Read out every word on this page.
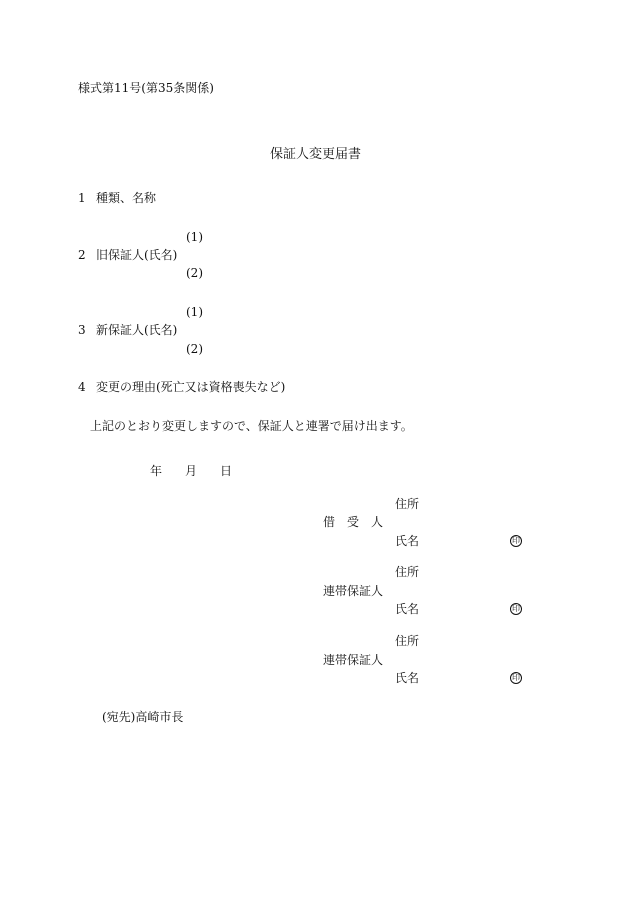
様式第11号(第35条関係)
保証人変更届書
1 種類、名称
(1)
2 旧保証人(氏名)
(2)
(1)
3 新保証人(氏名)
(2)
4 変更の理由(死亡又は資格喪失など)
上記のとおり変更しますので、保証人と連署で届け出ます。
年 月 日
住所
借　受　人
氏名	印
住所
連帯保証人
氏名	印
住所
連帯保証人
氏名	印
(宛先)高崎市長
